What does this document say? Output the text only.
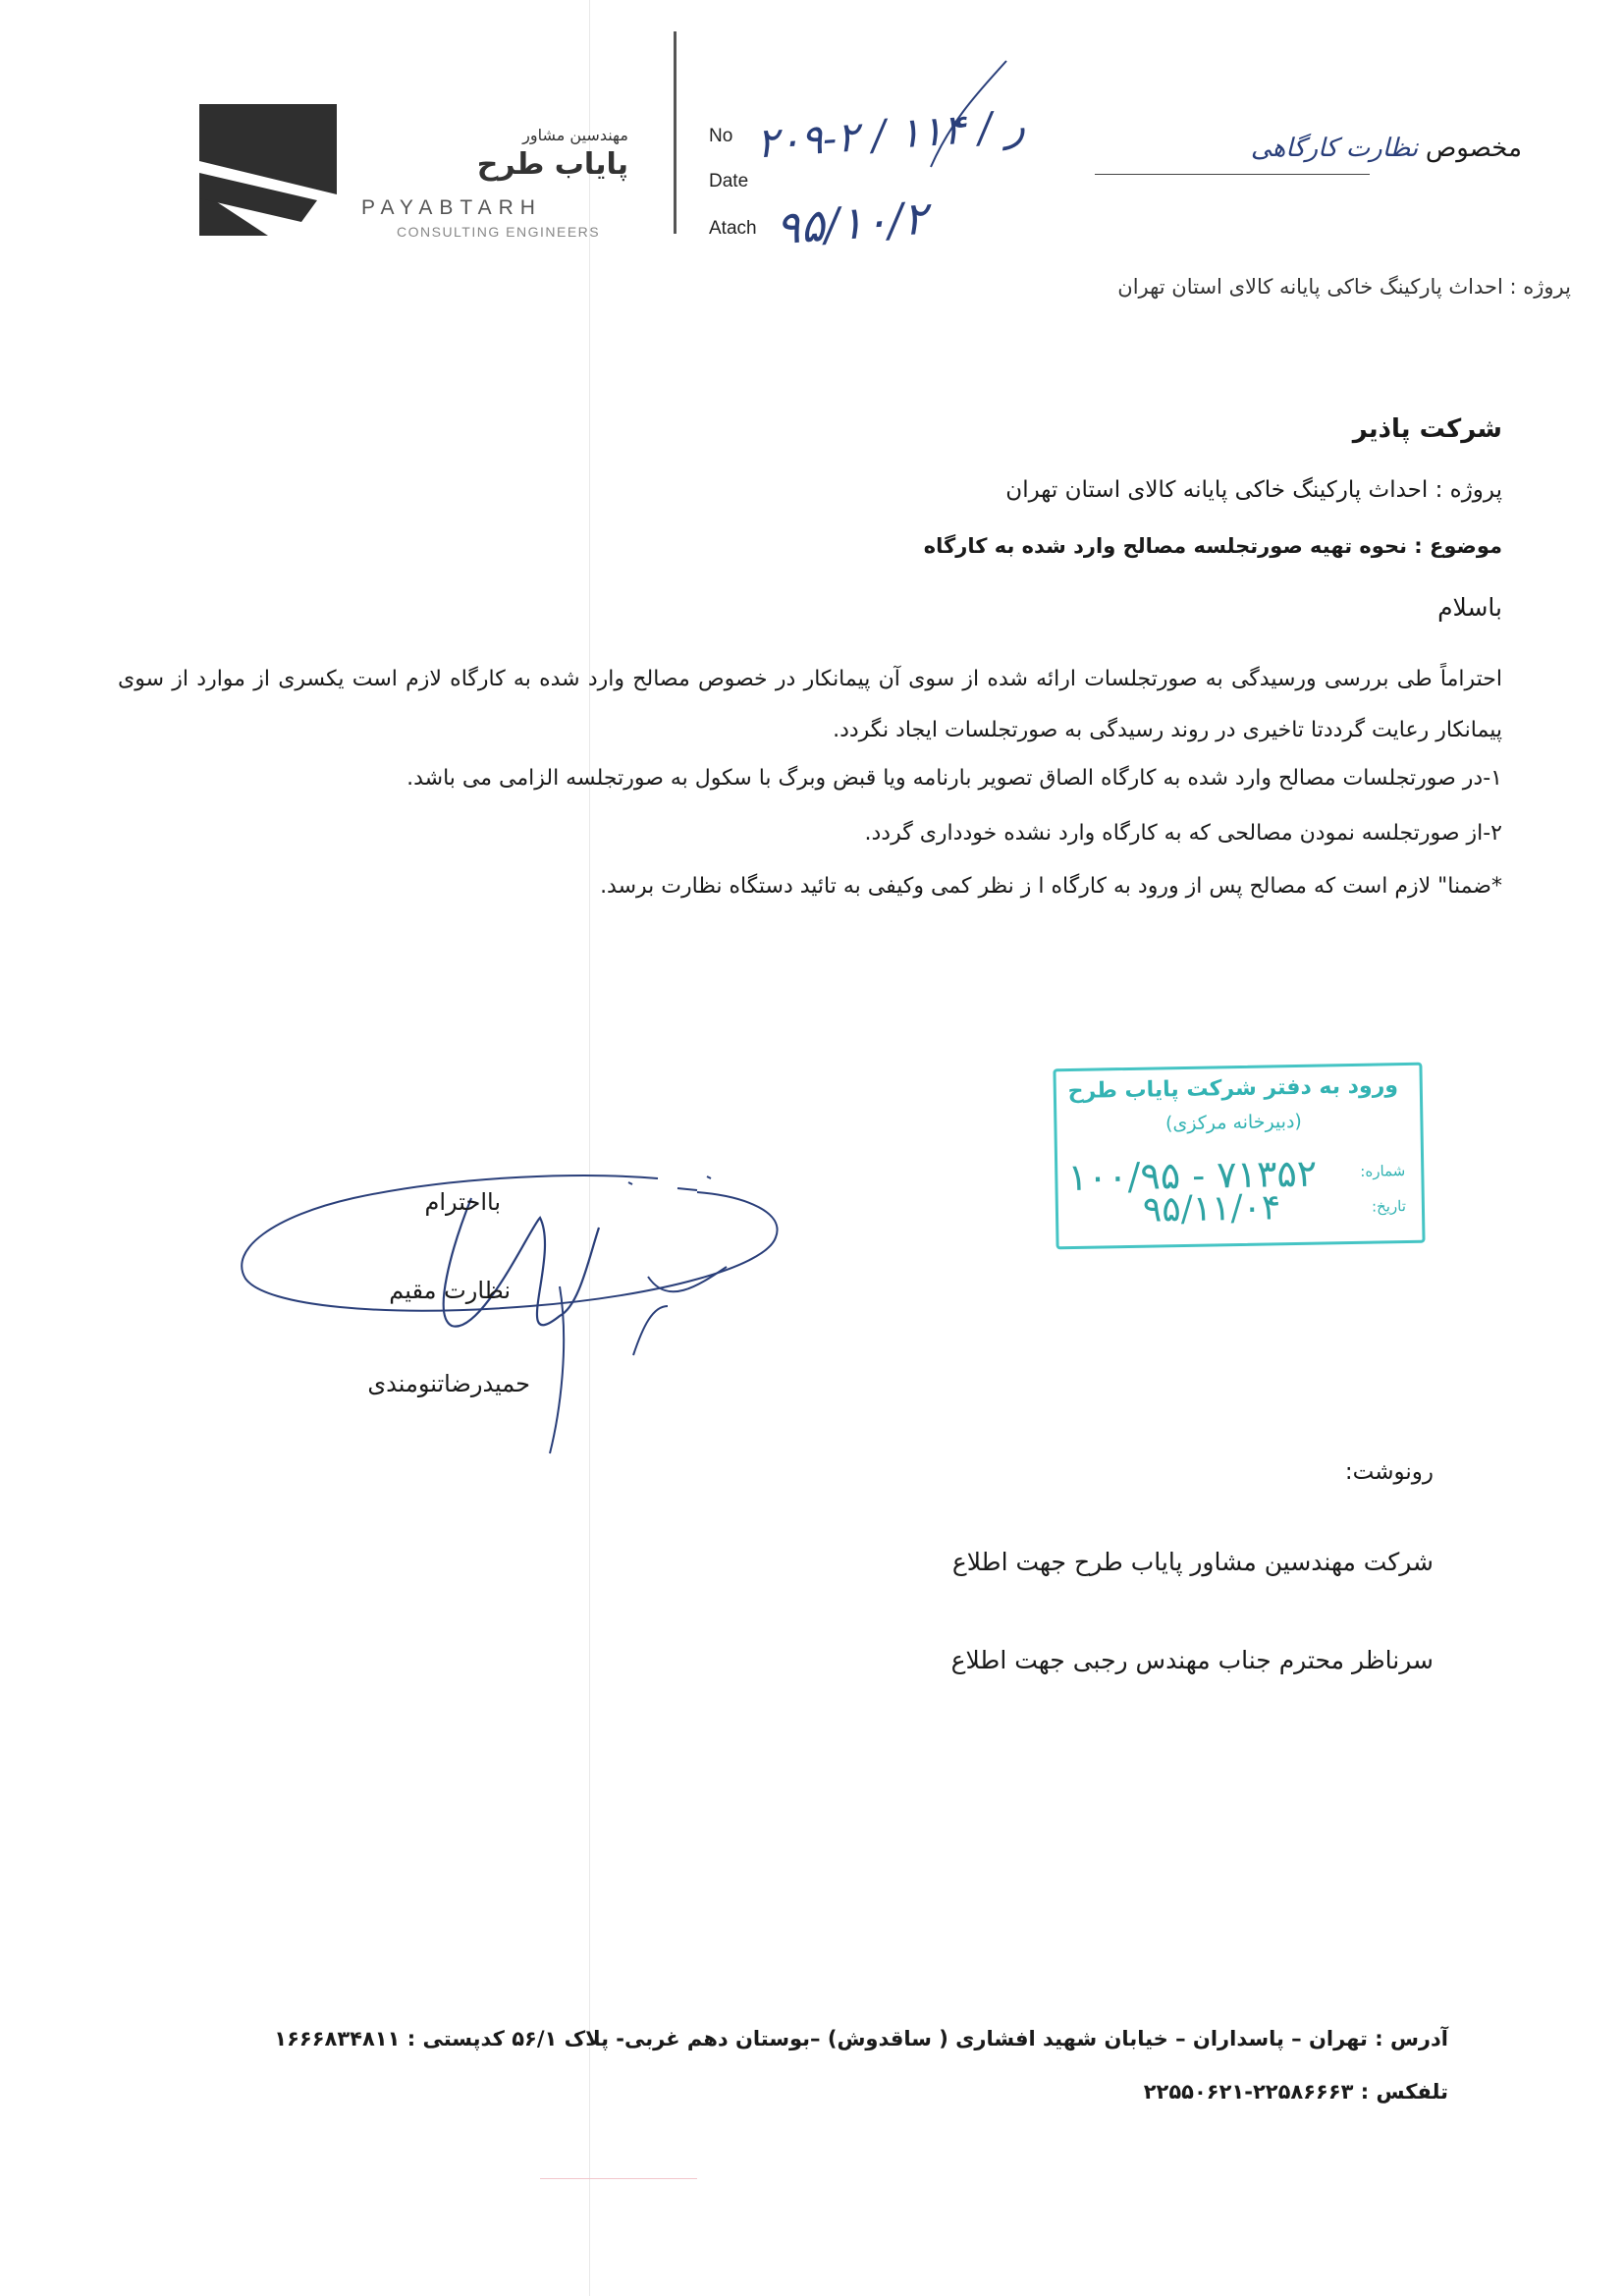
مهندسین مشاور
پایاب طرح
PAYABTARH
CONSULTING ENGINEERS
No
Date
Atach
۲۰۹-۲ / ر / ۱۱۴
۹۵/۱۰/۲
مخصوص نظارت کارگاهی
پروژه : احداث پارکینگ خاکی پایانه کالای استان تهران
شرکت پاذیر
پروژه : احداث پارکینگ خاکی پایانه کالای استان تهران
موضوع : نحوه تهیه صورتجلسه مصالح وارد شده به کارگاه
باسلام
احتراماً طی بررسی ورسیدگی به صورتجلسات ارائه شده از سوی آن پیمانکار در خصوص مصالح وارد شده به کارگاه لازم است یکسری از موارد از سوی پیمانکار رعایت گرددتا تاخیری در روند رسیدگی به صورتجلسات ایجاد نگردد.
۱-در صورتجلسات مصالح وارد شده به کارگاه الصاق تصویر بارنامه ویا قبض وبرگ با سکول به صورتجلسه الزامی می باشد.
۲-از صورتجلسه نمودن مصالحی که به کارگاه وارد نشده خودداری گردد.
*ضمنا" لازم است که مصالح پس از ورود به کارگاه ا ز نظر کمی وکیفی به تائید دستگاه نظارت برسد.
ورود به دفتر شرکت پایاب طرح
(دبیرخانه مرکزی)
شماره:
تاریخ:
۱۰۰/۹۵ - ۷۱۳۵۲
۹۵/۱۱/۰۴
بااحترام
نظارت مقیم
حمیدرضاتنومندی
رونوشت:
شرکت مهندسین مشاور پایاب طرح جهت اطلاع
سرناظر محترم جناب مهندس رجبی جهت اطلاع
آدرس : تهران – پاسداران – خیابان شهید افشاری ( ساقدوش) –بوستان دهم غربی- پلاک ۵۶/۱ کدپستی : ۱۶۶۶۸۳۴۸۱۱
تلفکس : ۲۲۵۸۶۶۶۳-۲۲۵۵۰۶۲۱
